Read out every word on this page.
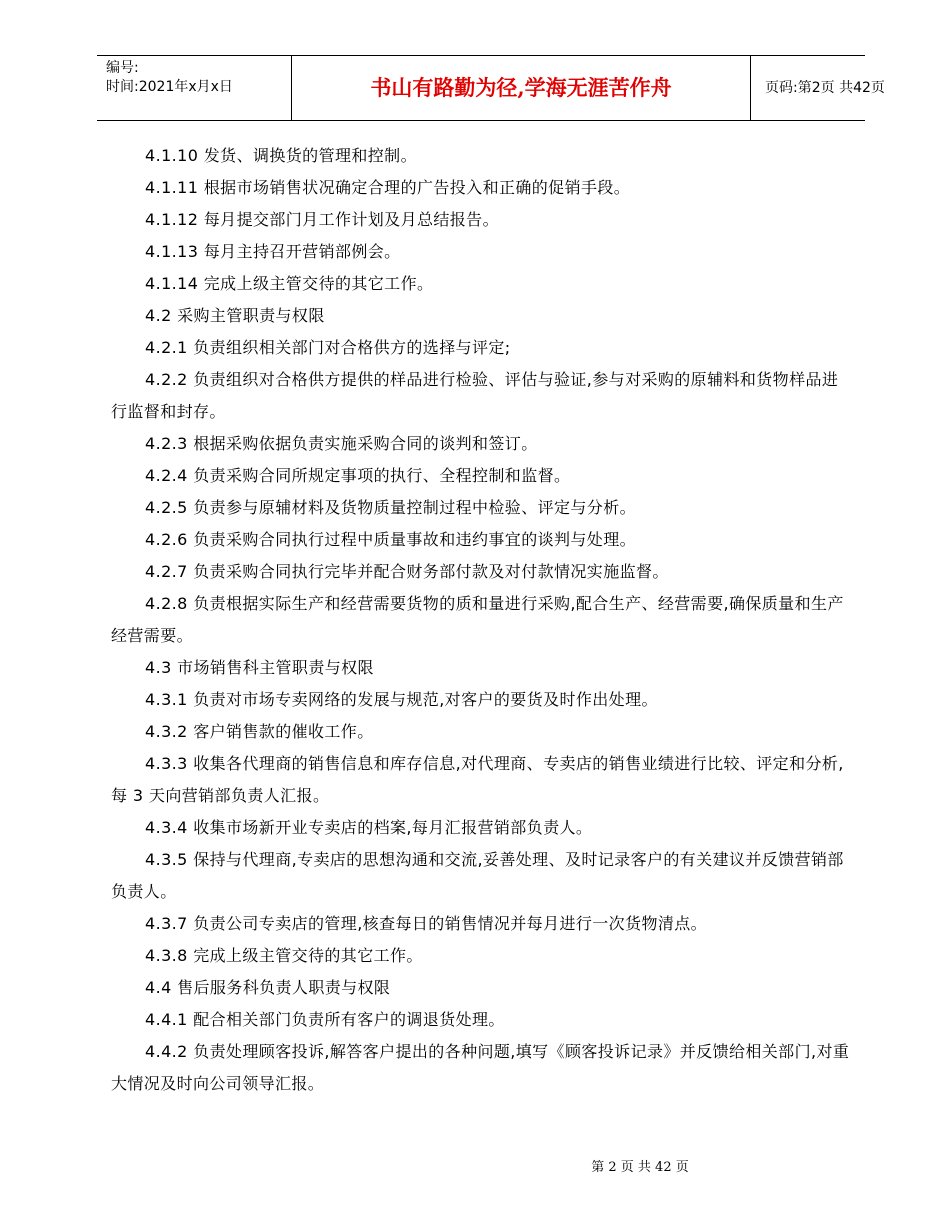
编号:
时间:2021年x月x日	书山有路勤为径,学海无涯苦作舟	页码:第2页 共42页

4.1.10 发货、调换货的管理和控制。

4.1.11 根据市场销售状况确定合理的广告投入和正确的促销手段。

4.1.12 每月提交部门月工作计划及月总结报告。

4.1.13 每月主持召开营销部例会。

4.1.14 完成上级主管交待的其它工作。

4.2 采购主管职责与权限

4.2.1 负责组织相关部门对合格供方的选择与评定;

4.2.2 负责组织对合格供方提供的样品进行检验、评估与验证,参与对采购的原辅料和货物样品进行监督和封存。

4.2.3 根据采购依据负责实施采购合同的谈判和签订。

4.2.4 负责采购合同所规定事项的执行、全程控制和监督。

4.2.5 负责参与原辅材料及货物质量控制过程中检验、评定与分析。

4.2.6 负责采购合同执行过程中质量事故和违约事宜的谈判与处理。

4.2.7 负责采购合同执行完毕并配合财务部付款及对付款情况实施监督。

4.2.8 负责根据实际生产和经营需要货物的质和量进行采购,配合生产、经营需要,确保质量和生产经营需要。

4.3 市场销售科主管职责与权限

4.3.1 负责对市场专卖网络的发展与规范,对客户的要货及时作出处理。

4.3.2 客户销售款的催收工作。

4.3.3 收集各代理商的销售信息和库存信息,对代理商、专卖店的销售业绩进行比较、评定和分析,每 3 天向营销部负责人汇报。

4.3.4 收集市场新开业专卖店的档案,每月汇报营销部负责人。

4.3.5 保持与代理商,专卖店的思想沟通和交流,妥善处理、及时记录客户的有关建议并反馈营销部负责人。

4.3.7 负责公司专卖店的管理,核查每日的销售情况并每月进行一次货物清点。

4.3.8 完成上级主管交待的其它工作。

4.4 售后服务科负责人职责与权限

4.4.1 配合相关部门负责所有客户的调退货处理。

4.4.2 负责处理顾客投诉,解答客户提出的各种问题,填写《顾客投诉记录》并反馈给相关部门,对重大情况及时向公司领导汇报。

第 2 页 共 42 页
